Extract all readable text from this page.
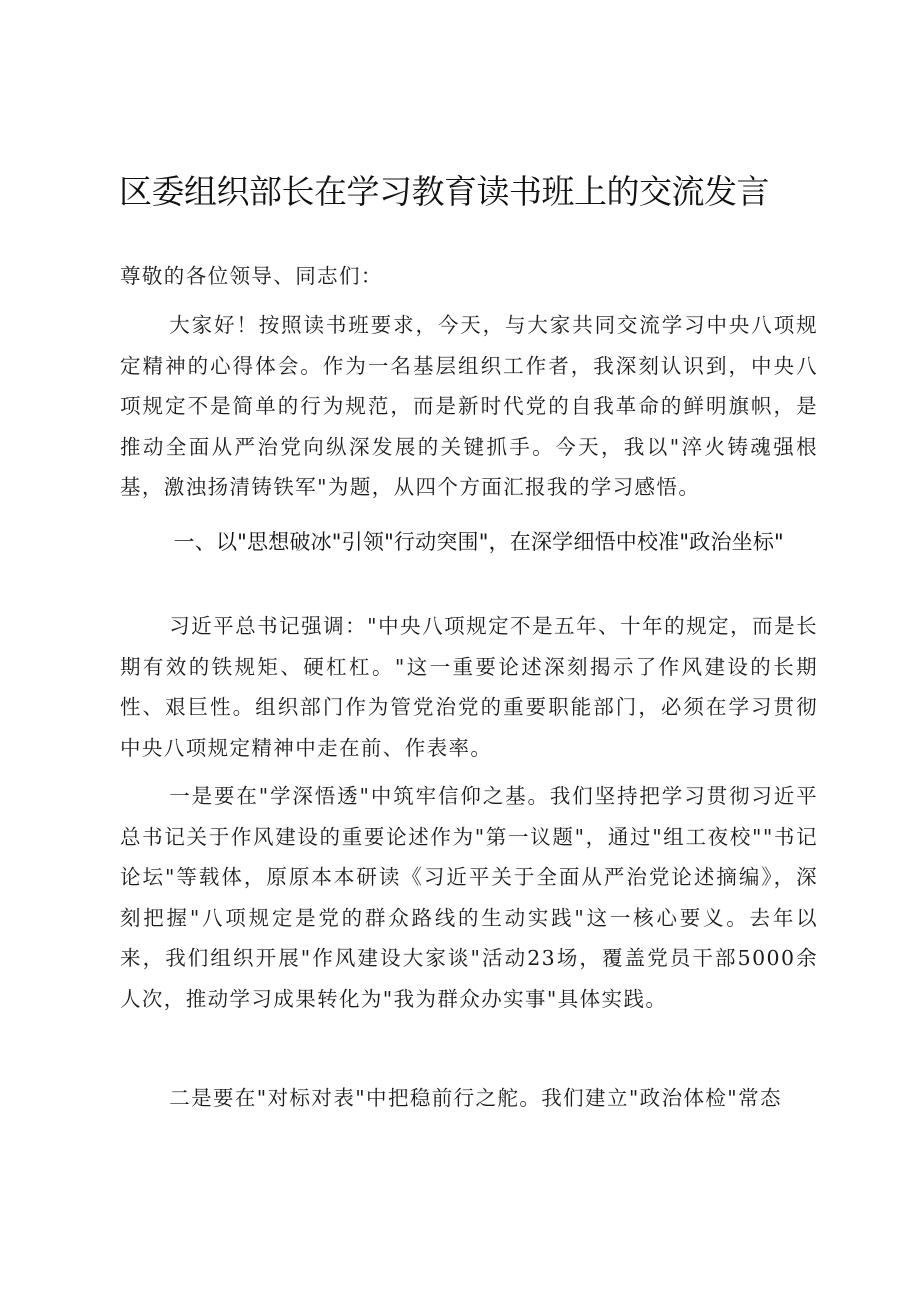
区委组织部长在学习教育读书班上的交流发言

尊敬的各位领导、同志们：

大家好！按照读书班要求，今天，与大家共同交流学习中央八项规定精神的心得体会。作为一名基层组织工作者，我深刻认识到，中央八项规定不是简单的行为规范，而是新时代党的自我革命的鲜明旗帜，是推动全面从严治党向纵深发展的关键抓手。今天，我以"淬火铸魂强根基，激浊扬清铸铁军"为题，从四个方面汇报我的学习感悟。

一、以"思想破冰"引领"行动突围"，在深学细悟中校准"政治坐标"

习近平总书记强调："中央八项规定不是五年、十年的规定，而是长期有效的铁规矩、硬杠杠。"这一重要论述深刻揭示了作风建设的长期性、艰巨性。组织部门作为管党治党的重要职能部门，必须在学习贯彻中央八项规定精神中走在前、作表率。

一是要在"学深悟透"中筑牢信仰之基。我们坚持把学习贯彻习近平总书记关于作风建设的重要论述作为"第一议题"，通过"组工夜校""书记论坛"等载体，原原本本研读《习近平关于全面从严治党论述摘编》，深刻把握"八项规定是党的群众路线的生动实践"这一核心要义。去年以来，我们组织开展"作风建设大家谈"活动23场，覆盖党员干部5000余人次，推动学习成果转化为"我为群众办实事"具体实践。

二是要在"对标对表"中把稳前行之舵。我们建立"政治体检"常态
